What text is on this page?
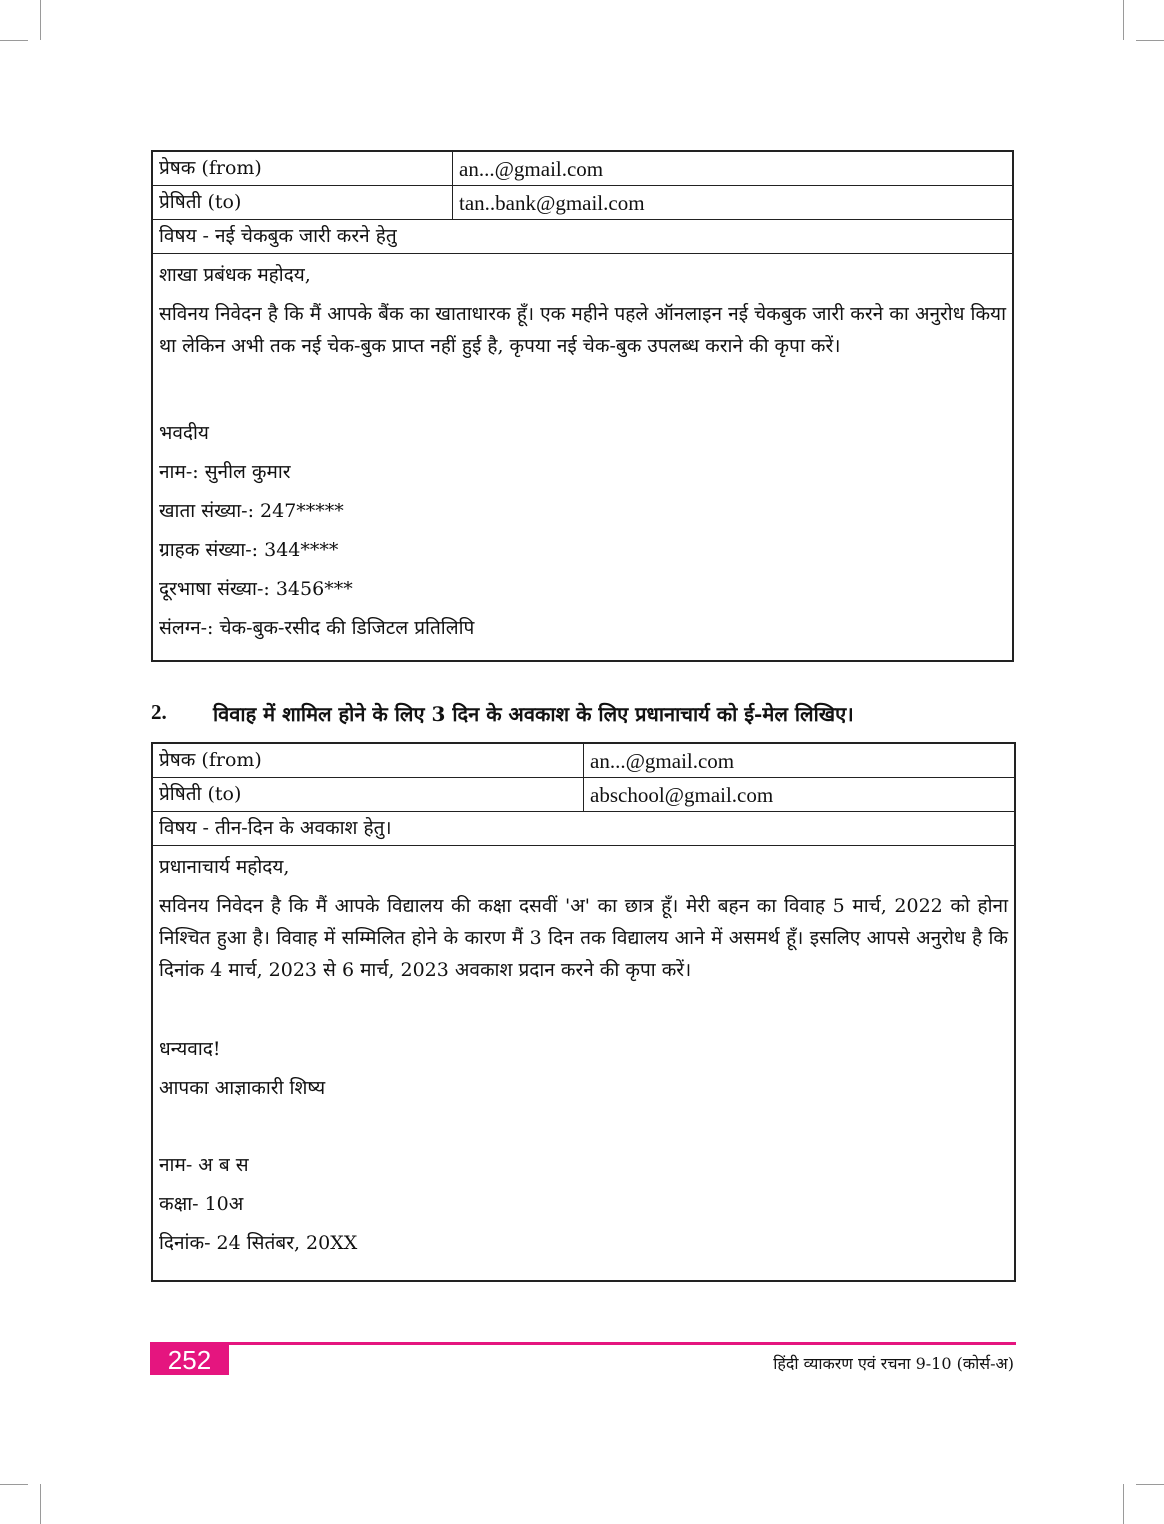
प्रेषक (from)	an...@gmail.com
प्रेषिती (to)	tan..bank@gmail.com
विषय - नई चेकबुक जारी करने हेतु
शाखा प्रबंधक महोदय,

सविनय निवेदन है कि मैं आपके बैंक का खाताधारक हूँ। एक महीने पहले ऑनलाइन नई चेकबुक जारी करने का अनुरोध किया था लेकिन अभी तक नई चेक-बुक प्राप्त नहीं हुई है, कृपया नई चेक-बुक उपलब्ध कराने की कृपा करें।

भवदीय
नाम-: सुनील कुमार
खाता संख्या-: 247*****
ग्राहक संख्या-: 344****
दूरभाषा संख्या-: 3456***
संलग्न-: चेक-बुक-रसीद की डिजिटल प्रतिलिपि
2.	विवाह में शामिल होने के लिए 3 दिन के अवकाश के लिए प्रधानाचार्य को ई-मेल लिखिए।
प्रेषक (from)	an...@gmail.com
प्रेषिती (to)	abschool@gmail.com
विषय - तीन-दिन के अवकाश हेतु।
प्रधानाचार्य महोदय,

सविनय निवेदन है कि मैं आपके विद्यालय की कक्षा दसवीं 'अ' का छात्र हूँ। मेरी बहन का विवाह 5 मार्च, 2022 को होना निश्चित हुआ है। विवाह में सम्मिलित होने के कारण मैं 3 दिन तक विद्यालय आने में असमर्थ हूँ। इसलिए आपसे अनुरोध है कि दिनांक 4 मार्च, 2023 से 6 मार्च, 2023 अवकाश प्रदान करने की कृपा करें।

धन्यवाद!
आपका आज्ञाकारी शिष्य
नाम- अ ब स
कक्षा- 10अ
दिनांक- 24 सितंबर, 20XX
252	हिंदी व्याकरण एवं रचना 9-10 (कोर्स-अ)
